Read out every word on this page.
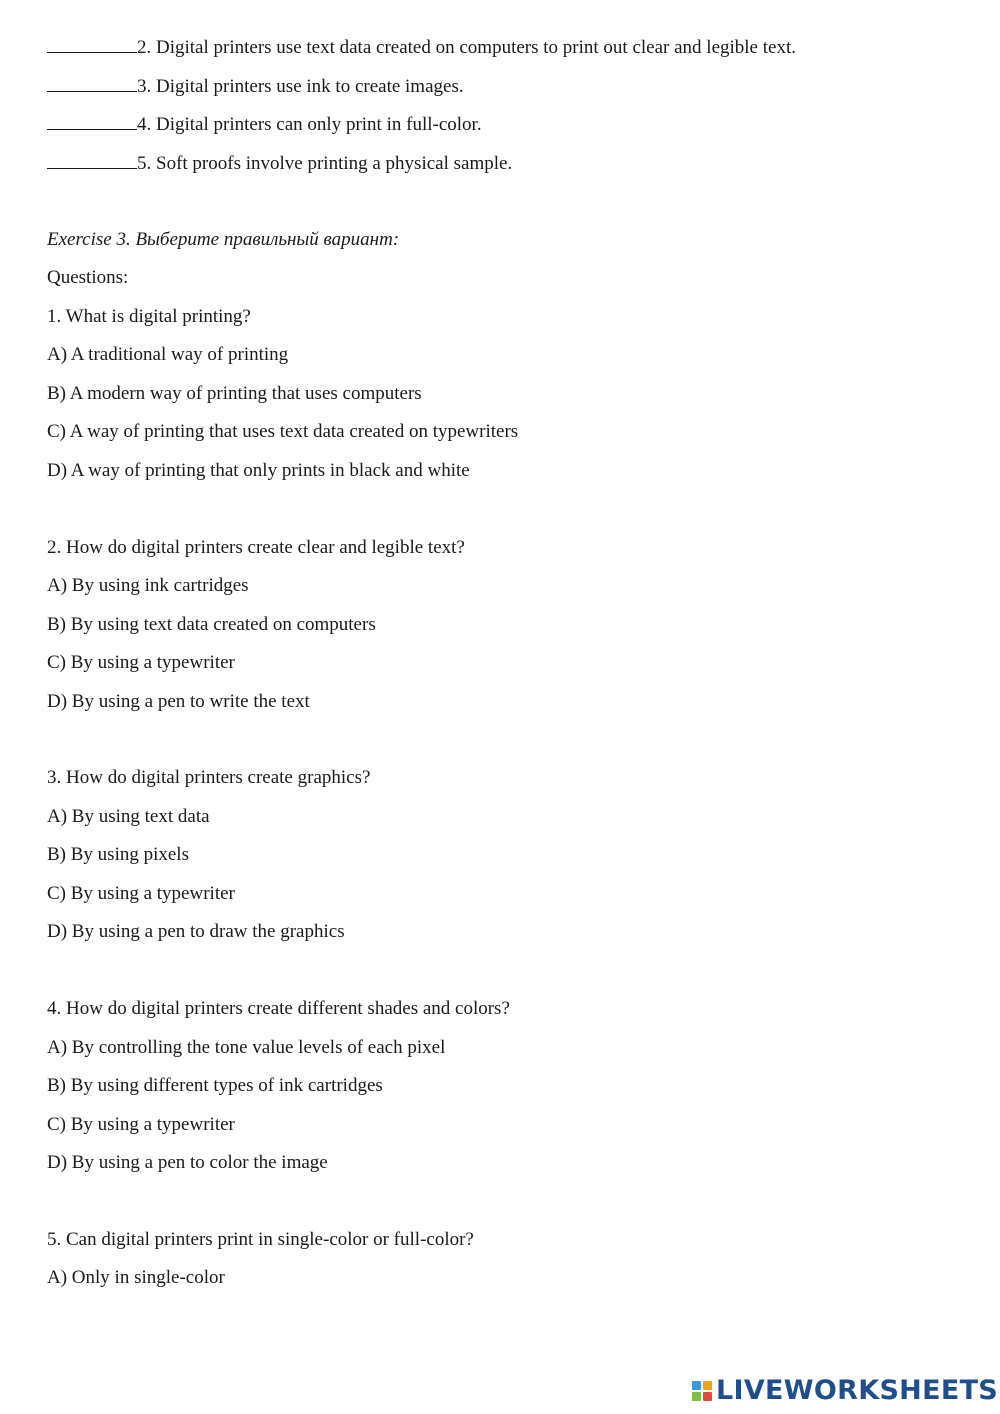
2. Digital printers use text data created on computers to print out clear and legible text.
3. Digital printers use ink to create images.
4. Digital printers can only print in full-color.
5. Soft proofs involve printing a physical sample.
Exercise 3. Выберите правильный вариант:
Questions:
1. What is digital printing?
A) A traditional way of printing
B) A modern way of printing that uses computers
C) A way of printing that uses text data created on typewriters
D) A way of printing that only prints in black and white
2. How do digital printers create clear and legible text?
A) By using ink cartridges
B) By using text data created on computers
C) By using a typewriter
D) By using a pen to write the text
3. How do digital printers create graphics?
A) By using text data
B) By using pixels
C) By using a typewriter
D) By using a pen to draw the graphics
4. How do digital printers create different shades and colors?
A) By controlling the tone value levels of each pixel
B) By using different types of ink cartridges
C) By using a typewriter
D) By using a pen to color the image
5. Can digital printers print in single-color or full-color?
A) Only in single-color
LIVEWORKSHEETS
